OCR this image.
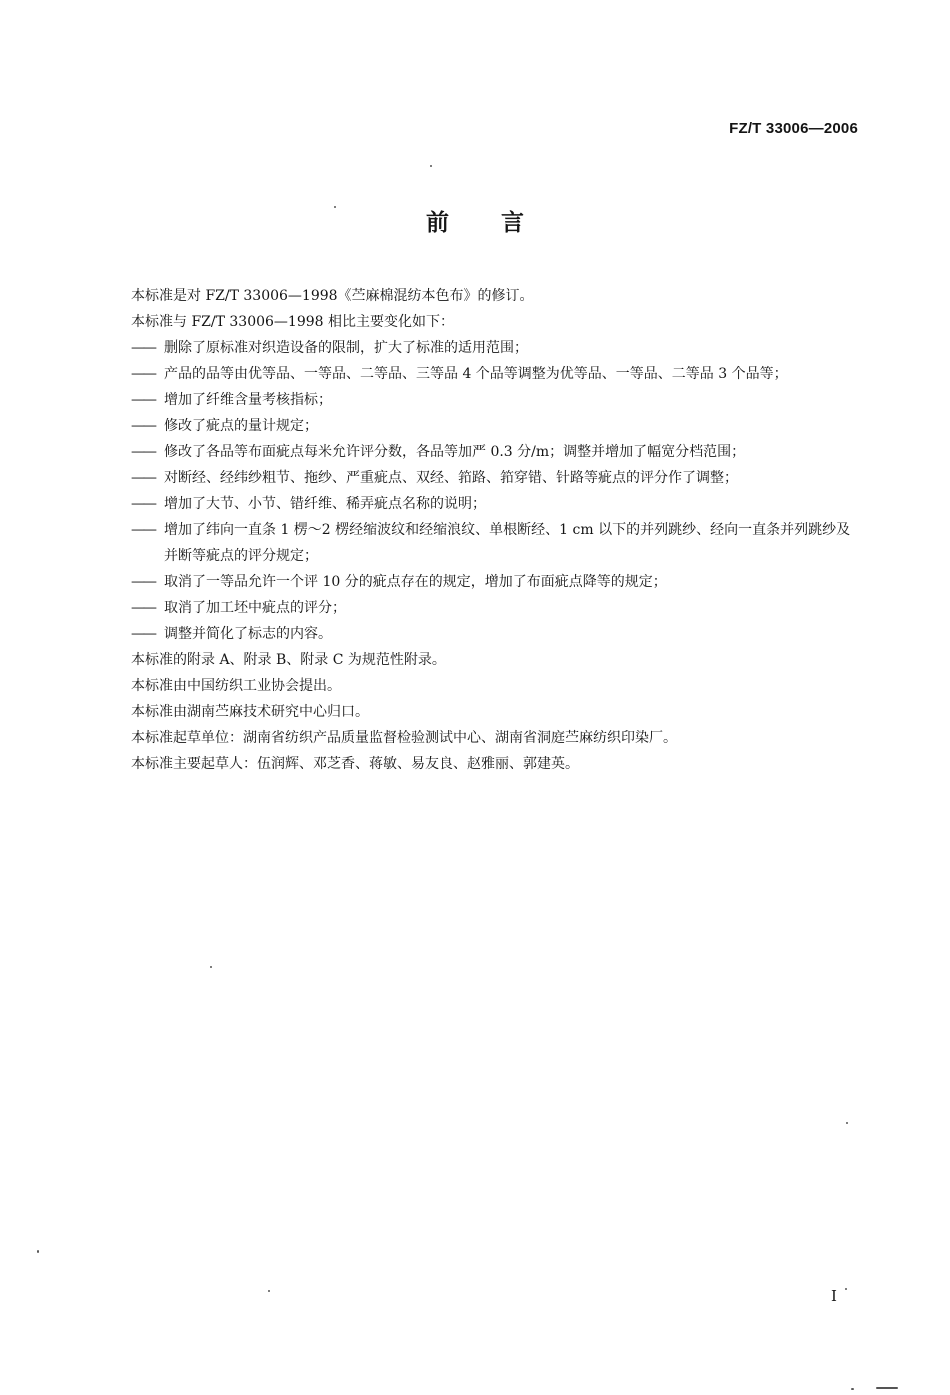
FZ/T 33006—2006
前 言

本标准是对 FZ/T 33006—1998《苎麻棉混纺本色布》的修订。

本标准与 FZ/T 33006—1998 相比主要变化如下：

—— 删除了原标准对织造设备的限制，扩大了标准的适用范围；
—— 产品的品等由优等品、一等品、二等品、三等品 4 个品等调整为优等品、一等品、二等品 3 个品等；
—— 增加了纤维含量考核指标；
—— 修改了疵点的量计规定；
—— 修改了各品等布面疵点每米允许评分数，各品等加严 0.3 分/m；调整并增加了幅宽分档范围；
—— 对断经、经纬纱粗节、拖纱、严重疵点、双经、筘路、筘穿错、针路等疵点的评分作了调整；
—— 增加了大节、小节、错纤维、稀弄疵点名称的说明；
—— 增加了纬向一直条 1 楞～2 楞经缩波纹和经缩浪纹、单根断经、1 cm 以下的并列跳纱、经向一直条并列跳纱及并断等疵点的评分规定；
—— 取消了一等品允许一个评 10 分的疵点存在的规定，增加了布面疵点降等的规定；
—— 取消了加工坯中疵点的评分；
—— 调整并简化了标志的内容。

本标准的附录 A、附录 B、附录 C 为规范性附录。

本标准由中国纺织工业协会提出。

本标准由湖南苎麻技术研究中心归口。

本标准起草单位：湖南省纺织产品质量监督检验测试中心、湖南省洞庭苎麻纺织印染厂。

本标准主要起草人：伍润辉、邓芝香、蒋敏、易友良、赵雅丽、郭建英。

I
